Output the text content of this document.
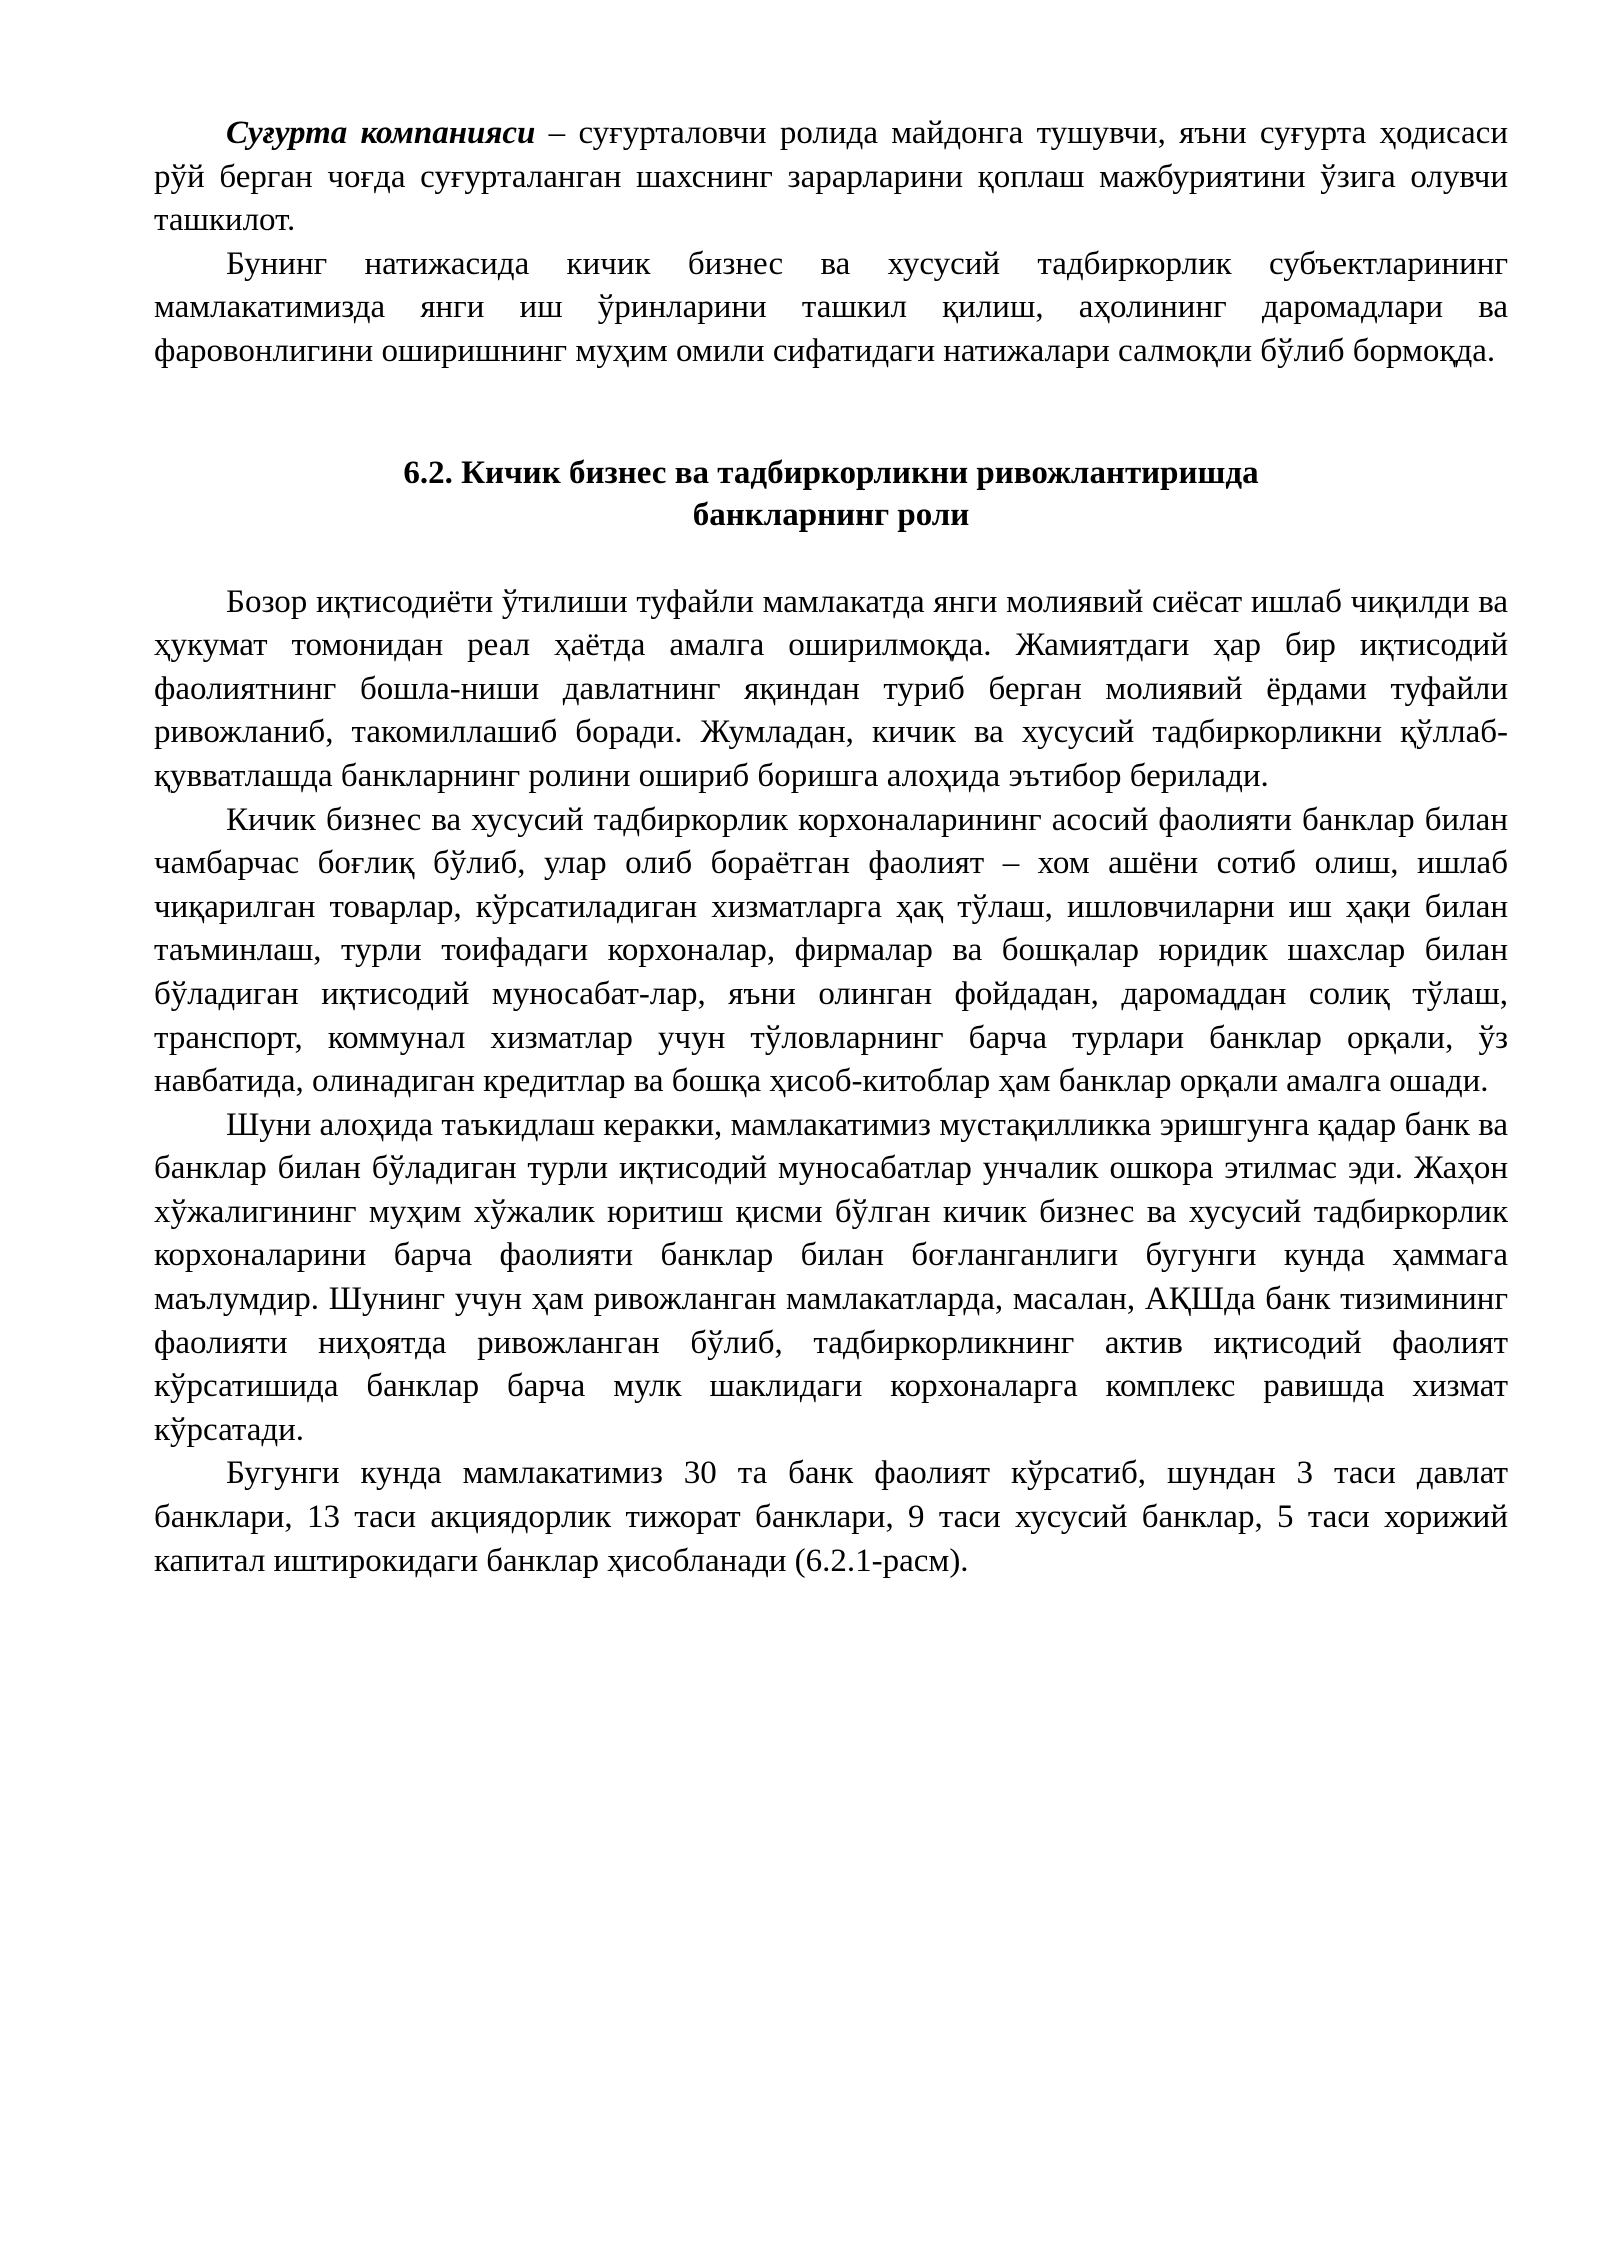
Суғурта компанияси – суғурталовчи ролида майдонга тушувчи, яъни суғурта ҳодисаси рўй берган чоғда суғурталанган шахснинг зарарларини қоплаш мажбуриятини ўзига олувчи ташкилот.

Бунинг натижасида кичик бизнес ва хусусий тадбиркорлик субъектларининг мамлакатимизда янги иш ўринларини ташкил қилиш, аҳолининг даромадлари ва фаровонлигини оширишнинг муҳим омили сифатидаги натижалари салмоқли бўлиб бормоқда.

6.2. Кичик бизнес ва тадбиркорликни ривожлантиришда
банкларнинг роли

Бозор иқтисодиёти ўтилиши туфайли мамлакатда янги молиявий сиёсат ишлаб чиқилди ва ҳукумат томонидан реал ҳаётда амалга оширилмоқда. Жамиятдаги ҳар бир иқтисодий фаолиятнинг бошла-ниши давлатнинг яқиндан туриб берган молиявий ёрдами туфайли ривожланиб, такомиллашиб боради. Жумладан, кичик ва хусусий тадбиркорликни қўллаб-қувватлашда банкларнинг ролини ошириб боришга алоҳида эътибор берилади.

Кичик бизнес ва хусусий тадбиркорлик корхоналарининг асосий фаолияти банклар билан чамбарчас боғлиқ бўлиб, улар олиб бораётган фаолият – хом ашёни сотиб олиш, ишлаб чиқарилган товарлар, кўрсатиладиган хизматларга ҳақ тўлаш, ишловчиларни иш ҳақи билан таъминлаш, турли тоифадаги корхоналар, фирмалар ва бошқалар юридик шахслар билан бўладиган иқтисодий муносабат-лар, яъни олинган фойдадан, даромаддан солиқ тўлаш, транспорт, коммунал хизматлар учун тўловларнинг барча турлари банклар орқали, ўз навбатида, олинадиган кредитлар ва бошқа ҳисоб-китоблар ҳам банклар орқали амалга ошади.

Шуни алоҳида таъкидлаш керакки, мамлакатимиз мустақилликка эришгунга қадар банк ва банклар билан бўладиган турли иқтисодий муносабатлар унчалик ошкора этилмас эди. Жаҳон хўжалигининг муҳим хўжалик юритиш қисми бўлган кичик бизнес ва хусусий тадбиркорлик корхоналарини барча фаолияти банклар билан боғланганлиги бугунги кунда ҳаммага маълумдир. Шунинг учун ҳам ривожланган мамлакатларда, масалан, АҚШда банк тизимининг фаолияти ниҳоятда ривожланган бўлиб, тадбиркорликнинг актив иқтисодий фаолият кўрсатишида банклар барча мулк шаклидаги корхоналарга комплекс равишда хизмат кўрсатади.

Бугунги кунда мамлакатимиз 30 та банк фаолият кўрсатиб, шундан 3 таси давлат банклари, 13 таси акциядорлик тижорат банклари, 9 таси хусусий банклар, 5 таси хорижий капитал иштирокидаги банклар ҳисобланади (6.2.1-расм).
